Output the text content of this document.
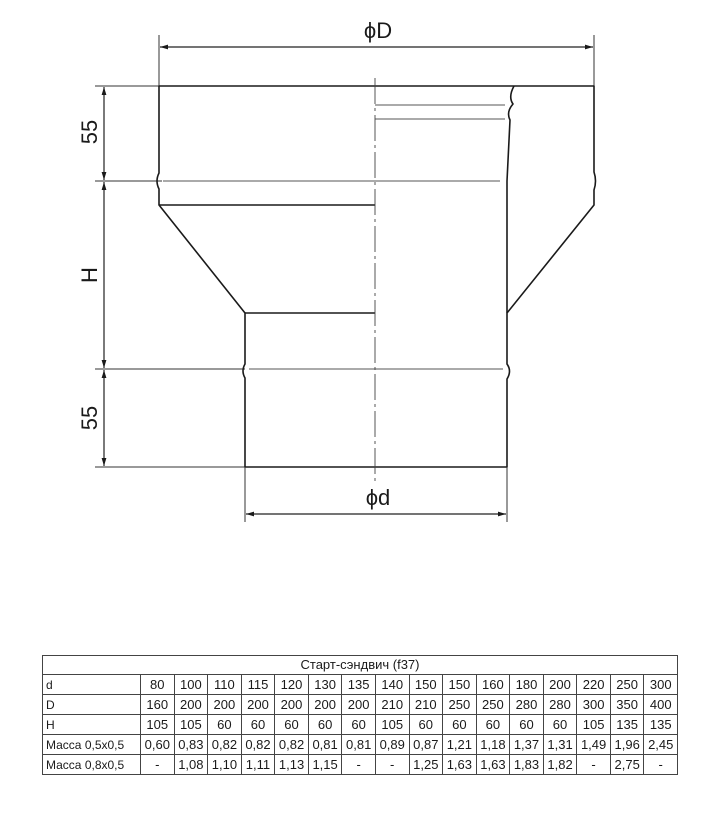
ϕD
55
H
55
ϕd
Старт-сэндвич (f37)																
d	80	100	110	115	120	130	135	140	150	150	160	180	200	220	250	300
D	160	200	200	200	200	200	200	210	210	250	250	280	280	300	350	400
H	105	105	60	60	60	60	60	105	60	60	60	60	60	105	135	135
Масса 0,5х0,5	0,60	0,83	0,82	0,82	0,82	0,81	0,81	0,89	0,87	1,21	1,18	1,37	1,31	1,49	1,96	2,45
Масса 0,8х0,5	-	1,08	1,10	1,11	1,13	1,15	-	-	1,25	1,63	1,63	1,83	1,82	-	2,75	-
